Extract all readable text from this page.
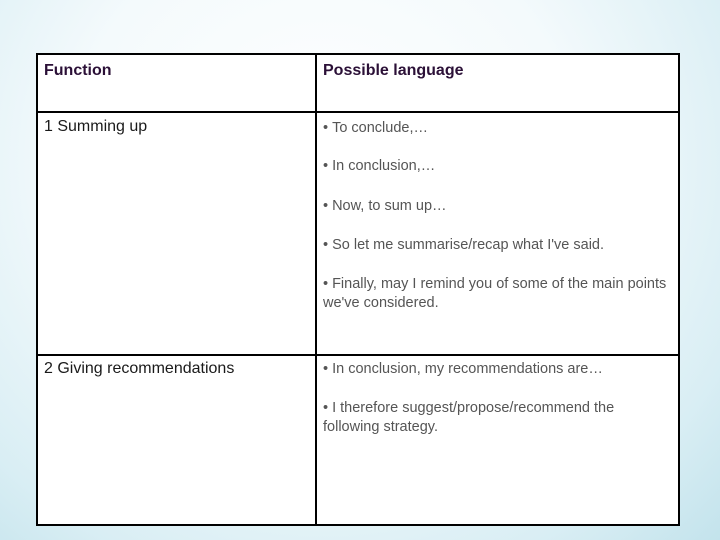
Function	Possible language
1 Summing up	• To conclude,…
• In conclusion,…
• Now, to sum up…
• So let me summarise/recap what I've said.
• Finally, may I remind you of some of the main points we've considered.
2 Giving recommendations	• In conclusion, my recommendations are…
• I therefore suggest/propose/recommend the following strategy.
